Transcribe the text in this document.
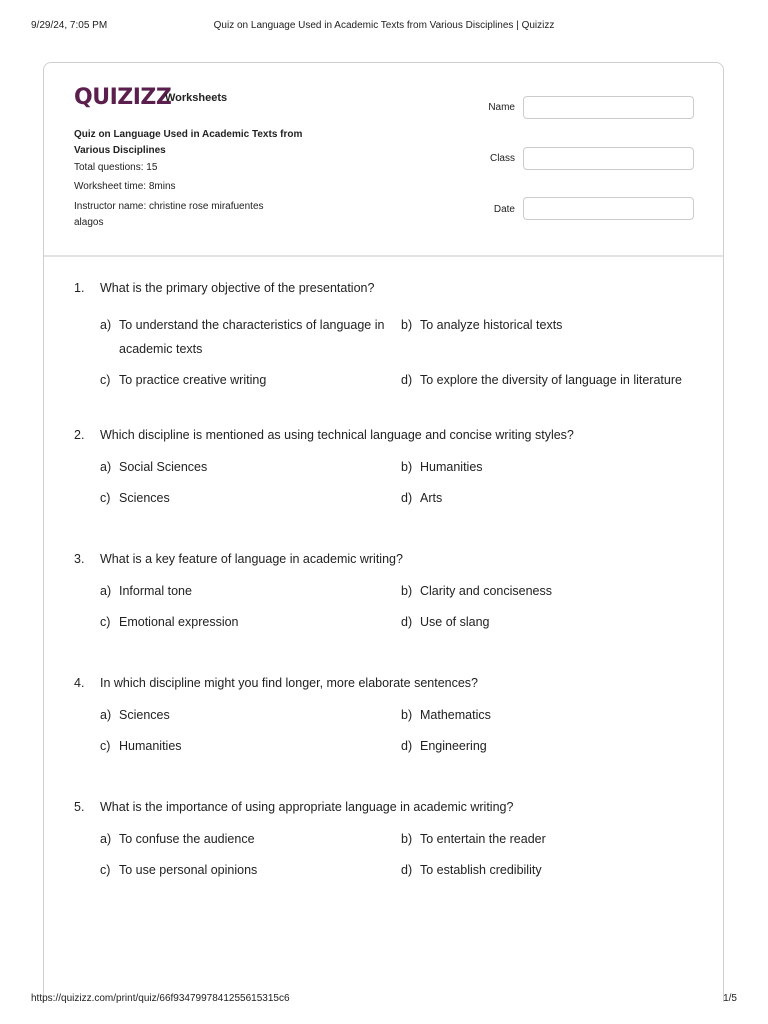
9/29/24, 7:05 PM	Quiz on Language Used in Academic Texts from Various Disciplines | Quizizz
QUIZIZZ
Worksheets
Quiz on Language Used in Academic Texts from Various Disciplines
Total questions: 15
Worksheet time: 8mins
Instructor name: christine rose mirafuentes alagos
Name
Class
Date
1. What is the primary objective of the presentation?
a) To understand the characteristics of language in academic texts
b) To analyze historical texts
c) To practice creative writing	d) To explore the diversity of language in literature
2. Which discipline is mentioned as using technical language and concise writing styles?
a) Social Sciences	b) Humanities
c) Sciences	d) Arts
3. What is a key feature of language in academic writing?
a) Informal tone	b) Clarity and conciseness
c) Emotional expression	d) Use of slang
4. In which discipline might you find longer, more elaborate sentences?
a) Sciences	b) Mathematics
c) Humanities	d) Engineering
5. What is the importance of using appropriate language in academic writing?
a) To confuse the audience	b) To entertain the reader
c) To use personal opinions	d) To establish credibility
https://quizizz.com/print/quiz/66f9347997841255615315c6	1/5
